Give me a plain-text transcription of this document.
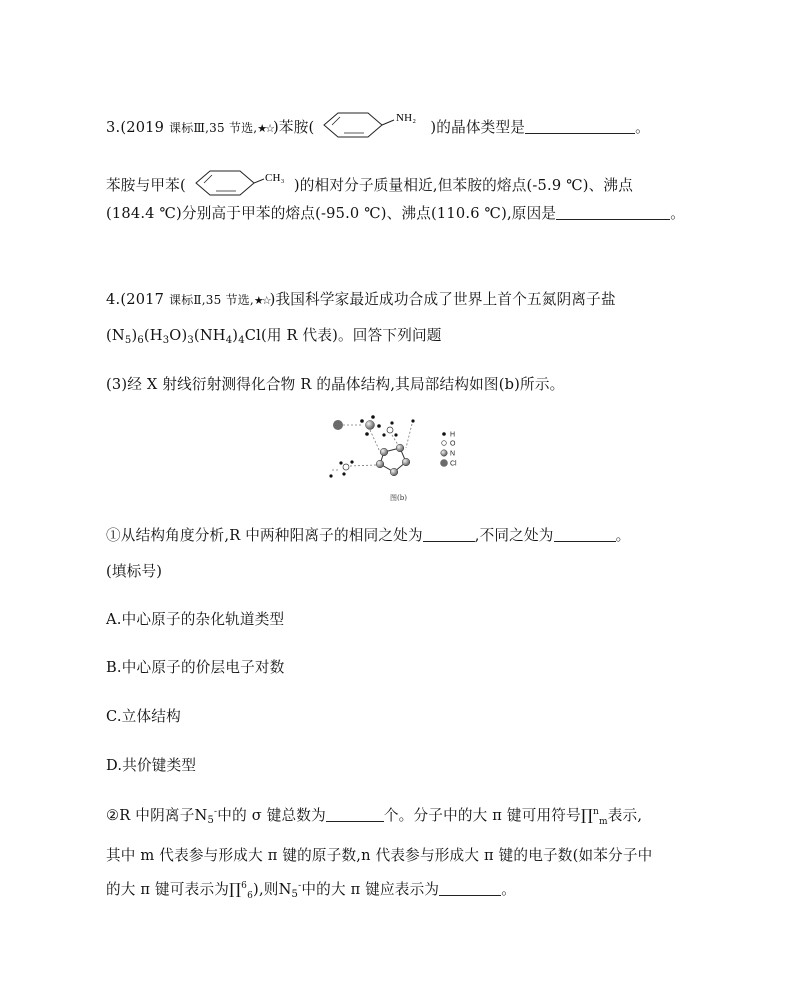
3.(2019 课标Ⅲ,35 节选,★☆)苯胺(
NH₂
)的晶体类型是	。
苯胺与甲苯(	CH₃ )的相对分子质量相近,但苯胺的熔点(-5.9 ℃)、沸点
(184.4 ℃)分别高于甲苯的熔点(-95.0 ℃)、沸点(110.6 ℃),原因是	。
4.(2017 课标Ⅱ,35 节选,★☆)我国科学家最近成功合成了世界上首个五氮阴离子盐
$(N_5)_6(H_3O)_3(NH_4)_4Cl$(用 R 代表)。回答下列问题
(3)经 X 射线衍射测得化合物 R 的晶体结构,其局部结构如图(b)所示。
H
O
N
Cl
图(b)
①从结构角度分析,R 中两种阳离子的相同之处为	,不同之处为	。
(填标号)
A.中心原子的杂化轨道类型
B.中心原子的价层电子对数
C.立体结构
D.共价键类型
②R 中阴离子$N_5^-$中的 σ 键总数为	个。分子中的大 π 键可用符号∏$^n_m$表示,
其中 m 代表参与形成大 π 键的原子数,n 代表参与形成大 π 键的电子数(如苯分子中
的大 π 键可表示为∏$^6_6$),则$N_5^-$中的大 π 键应表示为	。
